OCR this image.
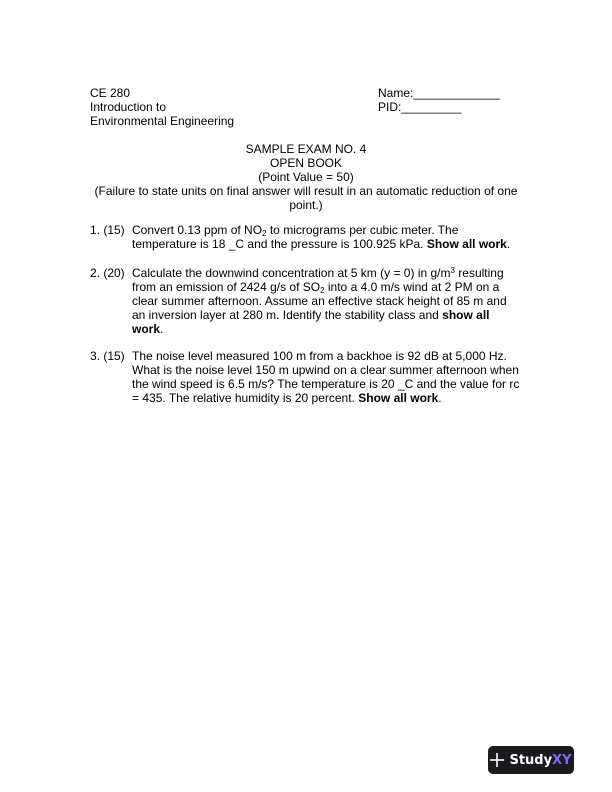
CE 280
Introduction to
Environmental Engineering
Name:_____________
PID:_________
SAMPLE EXAM NO. 4
OPEN BOOK
(Point Value = 50)
(Failure to state units on final answer will result in an automatic reduction of one
point.)
1. (15) Convert 0.13 ppm of $NO_2$ to micrograms per cubic meter. The
temperature is 18 _C and the pressure is 100.925 kPa. Show all work.
2. (20) Calculate the downwind concentration at 5 km (y = 0) in $g/m^3$ resulting
from an emission of 2424 g/s of $SO_2$ into a 4.0 m/s wind at 2 PM on a
clear summer afternoon. Assume an effective stack height of 85 m and
an inversion layer at 280 m. Identify the stability class and show all
work.
3. (15) The noise level measured 100 m from a backhoe is 92 dB at 5,000 Hz.
What is the noise level 150 m upwind on a clear summer afternoon when
the wind speed is 6.5 m/s? The temperature is 20 _C and the value for rc
= 435. The relative humidity is 20 percent. Show all work.
StudyXY
